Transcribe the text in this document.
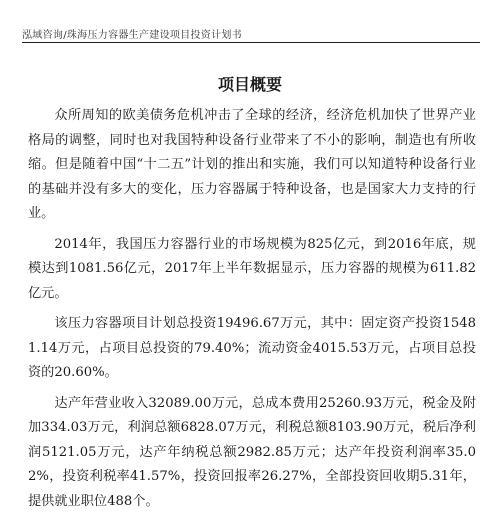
泓域咨询/珠海压力容器生产建设项目投资计划书
项目概要

众所周知的欧美债务危机冲击了全球的经济，经济危机加快了世界产业格局的调整，同时也对我国特种设备行业带来了不小的影响，制造也有所收缩。但是随着中国“十二五”计划的推出和实施，我们可以知道特种设备行业的基础并没有多大的变化，压力容器属于特种设备，也是国家大力支持的行业。

2014年，我国压力容器行业的市场规模为825亿元，到2016年底，规模达到1081.56亿元，2017年上半年数据显示，压力容器的规模为611.82亿元。

该压力容器项目计划总投资19496.67万元，其中：固定资产投资15481.14万元，占项目总投资的79.40%；流动资金4015.53万元，占项目总投资的20.60%。

达产年营业收入32089.00万元，总成本费用25260.93万元，税金及附加334.03万元，利润总额6828.07万元，利税总额8103.90万元，税后净利润5121.05万元，达产年纳税总额2982.85万元；达产年投资利润率35.02%，投资利税率41.57%，投资回报率26.27%，全部投资回收期5.31年，提供就业职位488个。
